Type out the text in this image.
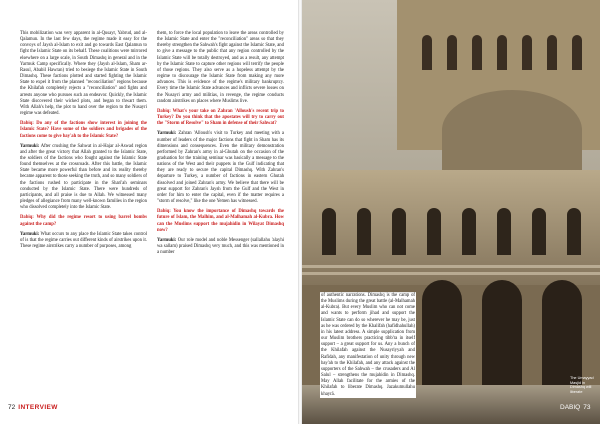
This mobilization was very apparent in al-Qusayr, Yabrud, and al-Qalamun. In the last few days, the regime made it easy for the convoys of Jaysh al-Islam to exit and go towards East Qalamun to fight the Islamic State on its behalf. These coalitions were mirrored elsewhere on a large scale, in South Dimashq in general and in the Yarmuk Camp specifically. Where they (Jaysh al-Islam, Sham ar-Rasul, Ababil Hawran) tried to besiege the Islamic State in South Dimashq. These factions plotted and started fighting the Islamic State to expel it from the planned "reconciliation" regions because the Khilafah completely rejects a "reconciliation" and fights and arrests anyone who pursues such an endeavor. Quickly, the Islamic State discovered their wicked plots, and began to thwart them. With Allah's help, the plot to hand over the region to the Nusayri regime was defeated.

Dabiq: Do any of the factions show interest in joining the Islamic State? Have some of the soldiers and brigades of the factions come to give bay'ah to the Islamic State?

Yarmuki: After crushing the Sahwat in al-Hajar al-Aswad region and after the great victory that Allah granted to the Islamic State, the soldiers of the factions who fought against the Islamic State found themselves at the crossroads. After this battle, the Islamic State became more powerful than before and its reality thereby became apparent to those seeking the truth, and so many soldiers of the factions rushed to participate in the Shari'ah seminars conducted by the Islamic State. There were hundreds of participants, and all praise is due to Allah. We witnessed many pledges of allegiance from many well-known families in the region who dissolved completely into the Islamic State.

Dabiq: Why did the regime resort to using barrel bombs against the camp?

Yarmuki: What occurs to any place the Islamic State takes control of is that the regime carries out different kinds of airstrikes upon it. These regime airstrikes carry a number of purposes, among

them, to force the local population to leave the areas controlled by the Islamic State and enter the "reconciliation" areas so that they thereby strengthen the Sahwah's fight against the Islamic State, and to give a message to the public that any region controlled by the Islamic State will be totally destroyed, and as a result, any attempt by the Islamic State to capture other regions will terrify the people of those regions. They also serve as a hopeless attempt by the regime to discourage the Islamic State from making any more advances. This is evidence of the regime's military bankruptcy. Every time the Islamic State advances and inflicts severe losses on the Nusayri army and militias, in revenge, the regime conducts random airstrikes on places where Muslims live.

Dabiq: What's your take on Zahran 'Alloush's recent trip to Turkey? Do you think that the apostates will try to carry out the "Storm of Resolve" to Sham in defense of their Sahwat?

Yarmuki: Zahran 'Alloush's visit to Turkey and meeting with a number of leaders of the major factions that fight in Sham has its dimensions and consequences. Even the military demonstration performed by Zahran's army in al-Ghutah on the occasion of the graduation for the training seminar was basically a message to the nations of the West and their puppets in the Gulf indicating that they are ready to secure the capital Dimashq. With Zahran's departure to Turkey, a number of factions in eastern Ghutah dissolved and joined Zahran's army. We believe that there will be great support for Zahran's Jaysh from the Gulf and the West in order for him to enter the capital, even if the matter requires a "storm of resolve," like the one Yemen has witnessed.

Dabiq: You know the importance of Dimashq towards the future of Islam, the Malhim, and al-Malhamah al-Kubra. How can the Muslims support the mujahidin in Wilayat Dimashq now?

Yarmuki: Our role model and noble Messenger (sallallahu 'alayhi wa sallam) praised Dimashq very much, and this was mentioned in a number

of authentic narrations. Dimashq is the camp of the Muslims during the great battle (al-Malhamah al-Kubra). But every Muslim who can not come and wants to perform jihad and support the Islamic State can do so wherever he may be, just as he was ordered by the Khalifah (hafidhahullah) in his latest address. A simple supplication from our Muslim brothers practicing tibb'ra in itself support – a great support for us. Any a bunch of the Khilafah against the Nusayriyyah and Rafidah, any manifestation of unity through new bay'ah to the Khilafah, and any attack against the supporters of the Sahwah – the crusaders and Al Salul – strengthens the mujahidin in Dimashq. May Allah facilitate for the armies of the Khilafah to liberate Dimashq. Jazakumullahu khayrā.

The Umayyad Masjid in Dimashq will liberate
72 INTERVIEW	DABIQ 73
